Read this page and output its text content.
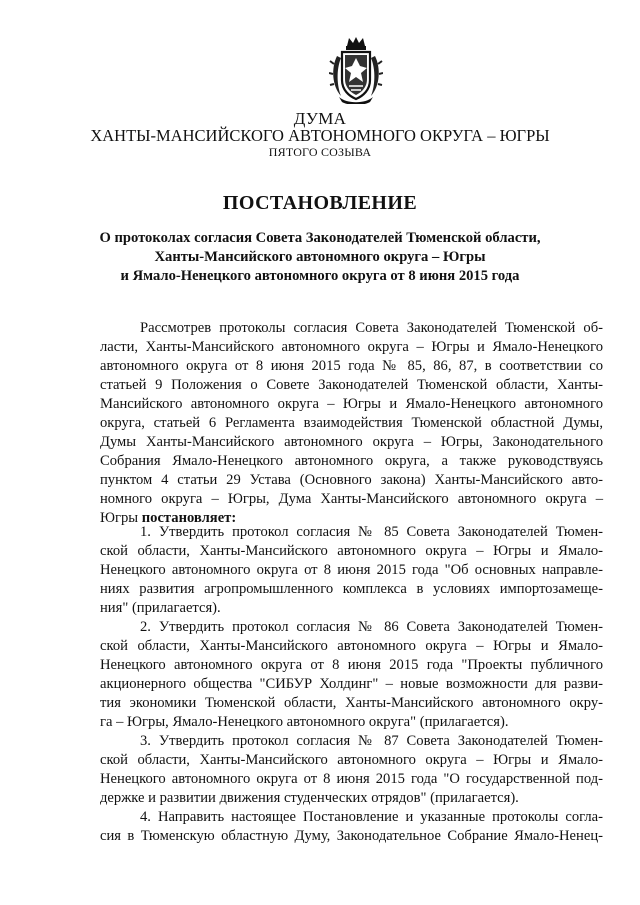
ДУМА
ХАНТЫ-МАНСИЙСКОГО АВТОНОМНОГО ОКРУГА – ЮГРЫ
ПЯТОГО СОЗЫВА
ПОСТАНОВЛЕНИЕ
О протоколах согласия Совета Законодателей Тюменской области,
Ханты-Мансийского автономного округа – Югры
и Ямало-Ненецкого автономного округа от 8 июня 2015 года
Рассмотрев протоколы согласия Совета Законодателей Тюменской об-
ласти, Ханты-Мансийского автономного округа – Югры и Ямало-Ненецкого
автономного округа от 8 июня 2015 года № 85, 86, 87, в соответствии со
статьей 9 Положения о Совете Законодателей Тюменской области, Ханты-
Мансийского автономного округа – Югры и Ямало-Ненецкого автономного
округа, статьей 6 Регламента взаимодействия Тюменской областной Думы,
Думы Ханты-Мансийского автономного округа – Югры, Законодательного
Собрания Ямало-Ненецкого автономного округа, а также руководствуясь
пунктом 4 статьи 29 Устава (Основного закона) Ханты-Мансийского авто-
номного округа – Югры, Дума Ханты-Мансийского автономного округа –
Югры постановляет:
1. Утвердить протокол согласия № 85 Совета Законодателей Тюмен-
ской области, Ханты-Мансийского автономного округа – Югры и Ямало-
Ненецкого автономного округа от 8 июня 2015 года "Об основных направле-
ниях развития агропромышленного комплекса в условиях импортозамеще-
ния" (прилагается).
2. Утвердить протокол согласия № 86 Совета Законодателей Тюмен-
ской области, Ханты-Мансийского автономного округа – Югры и Ямало-
Ненецкого автономного округа от 8 июня 2015 года "Проекты публичного
акционерного общества "СИБУР Холдинг" – новые возможности для разви-
тия экономики Тюменской области, Ханты-Мансийского автономного окру-
га – Югры, Ямало-Ненецкого автономного округа" (прилагается).
3. Утвердить протокол согласия № 87 Совета Законодателей Тюмен-
ской области, Ханты-Мансийского автономного округа – Югры и Ямало-
Ненецкого автономного округа от 8 июня 2015 года "О государственной под-
держке и развитии движения студенческих отрядов" (прилагается).
4. Направить настоящее Постановление и указанные протоколы согла-
сия в Тюменскую областную Думу, Законодательное Собрание Ямало-Ненец-
